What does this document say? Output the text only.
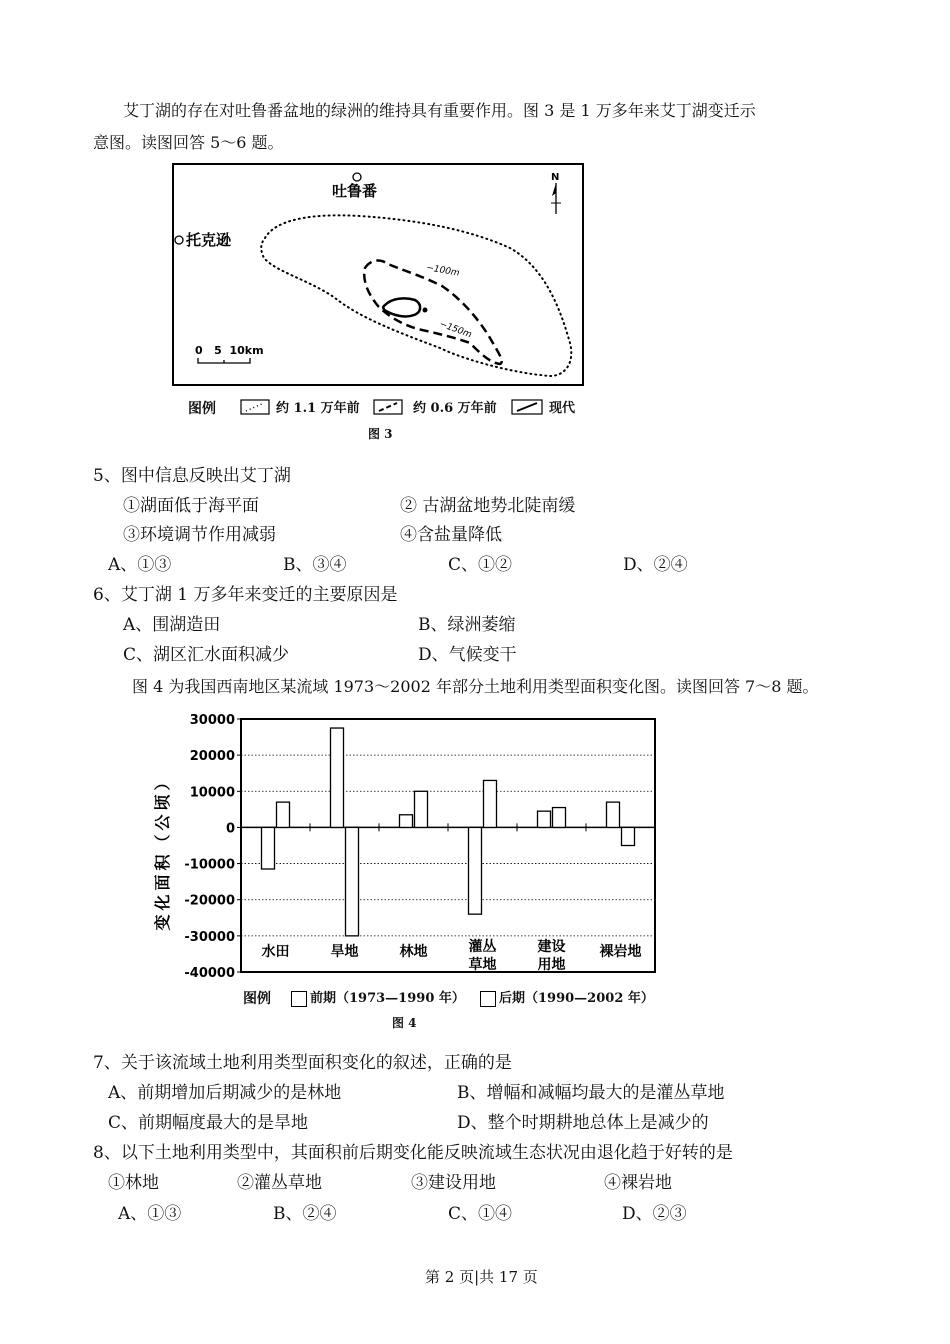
艾丁湖的存在对吐鲁番盆地的绿洲的维持具有重要作用。图 3 是 1 万多年来艾丁湖变迁示
意图。读图回答 5～6 题。
−100m
−150m
吐鲁番
托克逊
N
0   5  10km
图例	约 1.1 万年前	约 0.6 万年前	现代
图 3
5、图中信息反映出艾丁湖
①湖面低于海平面	② 古湖盆地势北陡南缓
③环境调节作用减弱	④含盐量降低
A、①③	B、③④	C、①②	D、②④
6、艾丁湖 1 万多年来变迁的主要原因是
A、围湖造田	B、绿洲萎缩
C、湖区汇水面积减少	D、气候变干
图 4 为我国西南地区某流域 1973～2002 年部分土地利用类型面积变化图。读图回答 7～8 题。
30000
20000
10000
0
-10000
-20000
-30000
-40000
变化面积（公顷）
水田	旱地	林地	灌丛
草地
建设
用地
裸岩地
图例	前期（1973—1990 年）	后期（1990—2002 年）
图 4
7、关于该流域土地利用类型面积变化的叙述，正确的是
A、前期增加后期减少的是林地	B、增幅和减幅均最大的是灌丛草地
C、前期幅度最大的是旱地	D、整个时期耕地总体上是减少的
8、以下土地利用类型中，其面积前后期变化能反映流域生态状况由退化趋于好转的是
①林地	②灌丛草地	③建设用地	④裸岩地
A、①③	B、②④	C、①④	D、②③
第 2 页|共 17 页
